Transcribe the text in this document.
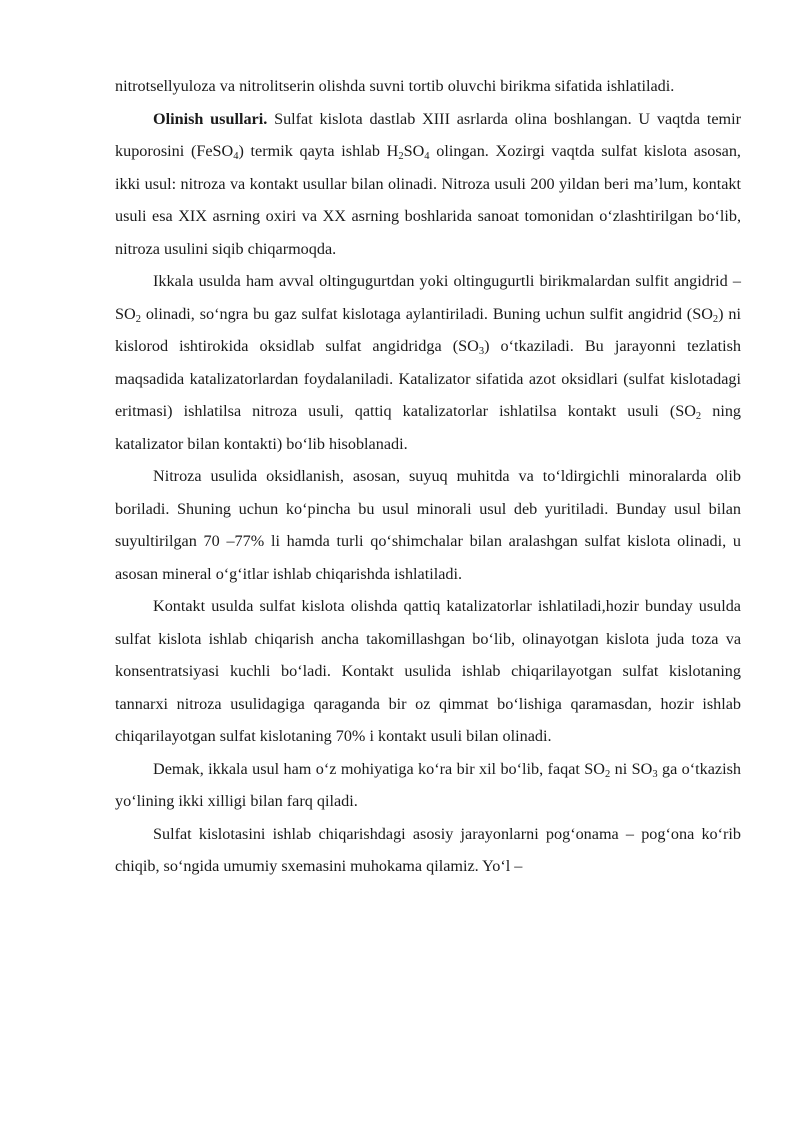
nitrotsellyuloza va nitrolitserin olishda suvni tortib oluvchi birikma sifatida ishlatiladi.

Olinish usullari. Sulfat kislota dastlab XIII asrlarda olina boshlangan. U vaqtda temir kuporosini (FeSO$_4$) termik qayta ishlab $H_2SO_4$ olingan. Xozirgi vaqtda sulfat kislota asosan, ikki usul: nitroza va kontakt usullar bilan olinadi. Nitroza usuli 200 yildan beri ma’lum, kontakt usuli esa XIX asrning oxiri va XX asrning boshlarida sanoat tomonidan o‘zlashtirilgan bo‘lib, nitroza usulini siqib chiqarmoqda.

Ikkala usulda ham avval oltingugurtdan yoki oltingugurtli birikmalardan sulfit angidrid – $SO_2$ olinadi, so‘ngra bu gaz sulfat kislotaga aylantiriladi. Buning uchun sulfit angidrid $(SO_2)$ ni kislorod ishtirokida oksidlab sulfat angidridga $(SO_3)$ o‘tkaziladi. Bu jarayonni tezlatish maqsadida katalizatorlardan foydalaniladi. Katalizator sifatida azot oksidlari (sulfat kislotadagi eritmasi) ishlatilsa nitroza usuli, qattiq katalizatorlar ishlatilsa kontakt usuli ($SO_2$ ning katalizator bilan kontakti) bo‘lib hisoblanadi.

Nitroza usulida oksidlanish, asosan, suyuq muhitda va to‘ldirgichli minoralarda olib boriladi. Shuning uchun ko‘pincha bu usul minorali usul deb yuritiladi. Bunday usul bilan suyultirilgan 70 –77% li hamda turli qo‘shimchalar bilan aralashgan sulfat kislota olinadi, u asosan mineral o‘g‘itlar ishlab chiqarishda ishlatiladi.

Kontakt usulda sulfat kislota olishda qattiq katalizatorlar ishlatiladi,hozir bunday usulda sulfat kislota ishlab chiqarish ancha takomillashgan bo‘lib, olinayotgan kislota juda toza va konsentratsiyasi kuchli bo‘ladi. Kontakt usulida ishlab chiqarilayotgan sulfat kislotaning tannarxi nitroza usulidagiga qaraganda bir oz qimmat bo‘lishiga qaramasdan, hozir ishlab chiqarilayotgan sulfat kislotaning 70% i kontakt usuli bilan olinadi.

Demak, ikkala usul ham o‘z mohiyatiga ko‘ra bir xil bo‘lib, faqat $SO_2$ ni $SO_3$ ga o‘tkazish yo‘lining ikki xilligi bilan farq qiladi.

Sulfat kislotasini ishlab chiqarishdagi asosiy jarayonlarni pog‘onama – pog‘ona ko‘rib chiqib, so‘ngida umumiy sxemasini muhokama qilamiz. Yo‘l –
